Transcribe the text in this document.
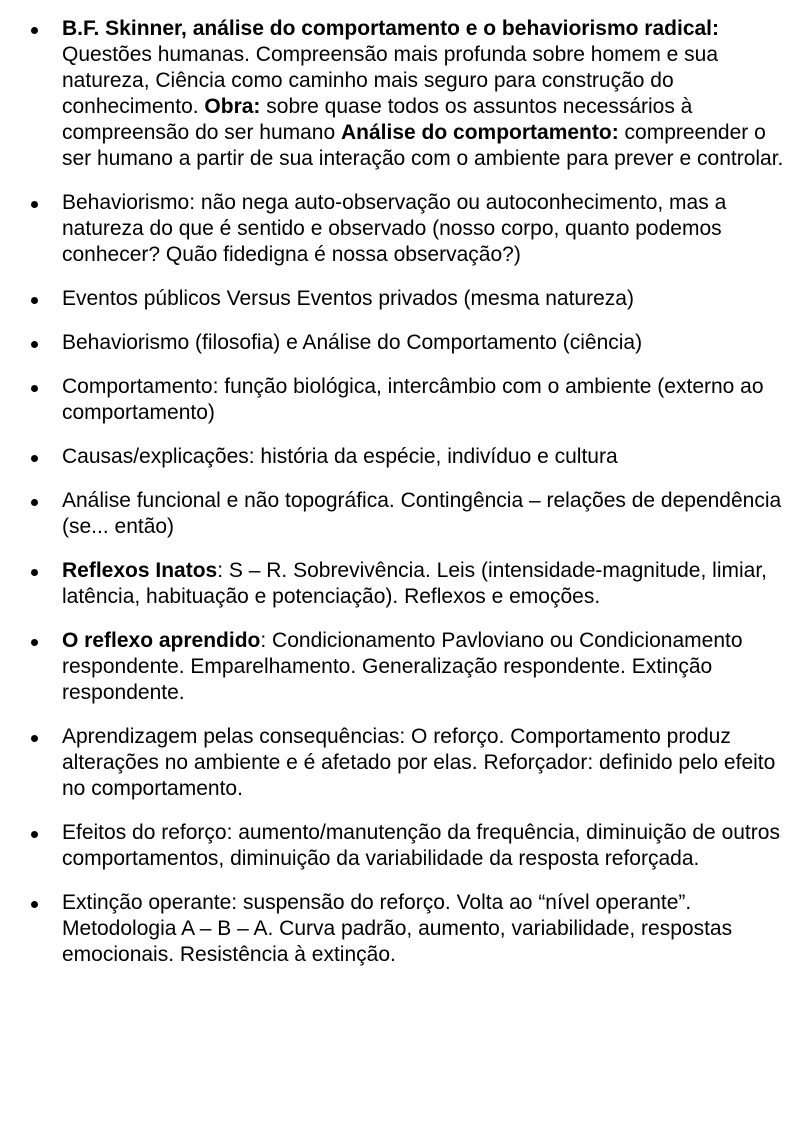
B.F. Skinner, análise do comportamento e o behaviorismo radical: Questões humanas. Compreensão mais profunda sobre homem e sua natureza, Ciência como caminho mais seguro para construção do conhecimento. Obra: sobre quase todos os assuntos necessários à compreensão do ser humano Análise do comportamento: compreender o ser humano a partir de sua interação com o ambiente para prever e controlar.
Behaviorismo: não nega auto-observação ou autoconhecimento, mas a natureza do que é sentido e observado (nosso corpo, quanto podemos conhecer? Quão fidedigna é nossa observação?)
Eventos públicos Versus Eventos privados (mesma natureza)
Behaviorismo (filosofia) e Análise do Comportamento (ciência)
Comportamento: função biológica, intercâmbio com o ambiente (externo ao comportamento)
Causas/explicações: história da espécie, indivíduo e cultura
Análise funcional e não topográfica. Contingência – relações de dependência (se... então)
Reflexos Inatos: S – R. Sobrevivência. Leis (intensidade-magnitude, limiar, latência, habituação e potenciação). Reflexos e emoções.
O reflexo aprendido: Condicionamento Pavloviano ou Condicionamento respondente. Emparelhamento. Generalização respondente. Extinção respondente.
Aprendizagem pelas consequências: O reforço. Comportamento produz alterações no ambiente e é afetado por elas. Reforçador: definido pelo efeito no comportamento.
Efeitos do reforço: aumento/manutenção da frequência, diminuição de outros comportamentos, diminuição da variabilidade da resposta reforçada.
Extinção operante: suspensão do reforço. Volta ao “nível operante”. Metodologia A – B – A. Curva padrão, aumento, variabilidade, respostas emocionais. Resistência à extinção.
